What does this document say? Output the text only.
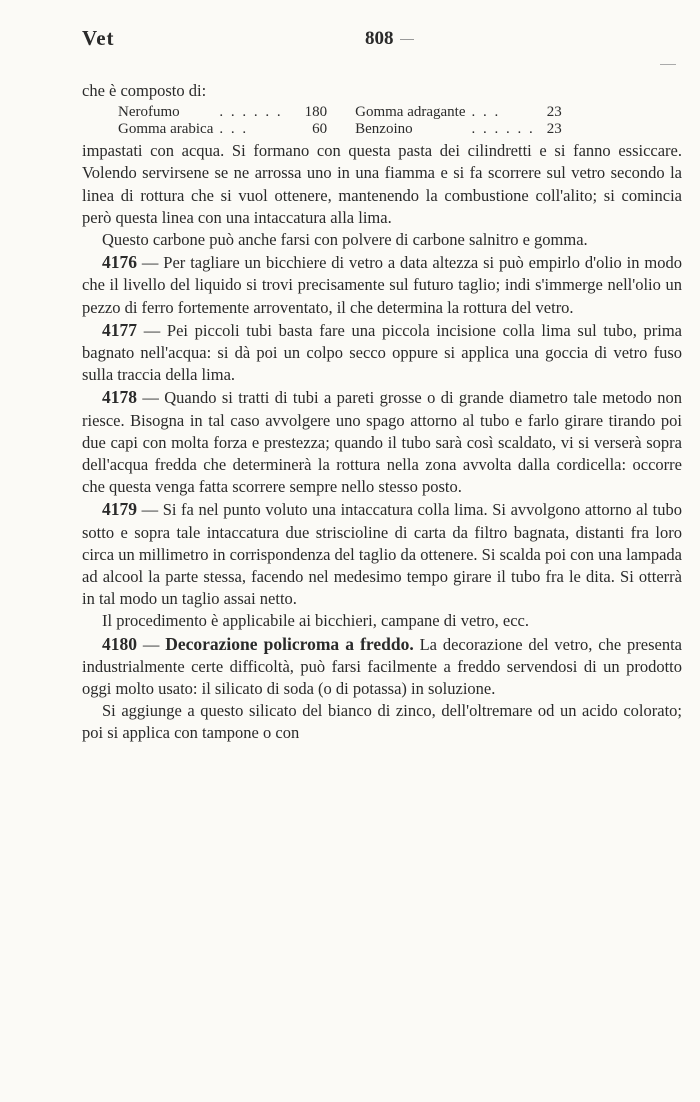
Vet	808

che è composto di:

Nerofumo	. . . . . .	180	Gomma adragante	. . .	23
Gomma arabica	. . .	60	Benzoino	. . . . . .	23

impastati con acqua. Si formano con questa pasta dei cilindretti e si fanno essiccare. Volendo servirsene se ne arrossa uno in una fiamma e si fa scorrere sul vetro secondo la linea di rottura che si vuol ottenere, mantenendo la combustione coll'alito; si comincia però questa linea con una intaccatura alla lima.

Questo carbone può anche farsi con polvere di carbone salnitro e gomma.

4176 — Per tagliare un bicchiere di vetro a data altezza si può empirlo d'olio in modo che il livello del liquido si trovi precisamente sul futuro taglio; indi s'immerge nell'olio un pezzo di ferro fortemente arroventato, il che determina la rottura del vetro.

4177 — Pei piccoli tubi basta fare una piccola incisione colla lima sul tubo, prima bagnato nell'acqua: si dà poi un colpo secco oppure si applica una goccia di vetro fuso sulla traccia della lima.

4178 — Quando si tratti di tubi a pareti grosse o di grande diametro tale metodo non riesce. Bisogna in tal caso avvolgere uno spago attorno al tubo e farlo girare tirando poi due capi con molta forza e prestezza; quando il tubo sarà così scaldato, vi si verserà sopra dell'acqua fredda che determinerà la rottura nella zona avvolta dalla cordicella: occorre che questa venga fatta scorrere sempre nello stesso posto.

4179 — Si fa nel punto voluto una intaccatura colla lima. Si avvolgono attorno al tubo sotto e sopra tale intaccatura due striscioline di carta da filtro bagnata, distanti fra loro circa un millimetro in corrispondenza del taglio da ottenere. Si scalda poi con una lampada ad alcool la parte stessa, facendo nel medesimo tempo girare il tubo fra le dita. Si otterrà in tal modo un taglio assai netto.

Il procedimento è applicabile ai bicchieri, campane di vetro, ecc.

4180 — Decorazione policroma a freddo. La decorazione del vetro, che presenta industrialmente certe difficoltà, può farsi facilmente a freddo servendosi di un prodotto oggi molto usato: il silicato di soda (o di potassa) in soluzione.

Si aggiunge a questo silicato del bianco di zinco, dell'oltremare od un acido colorato; poi si applica con tampone o con
